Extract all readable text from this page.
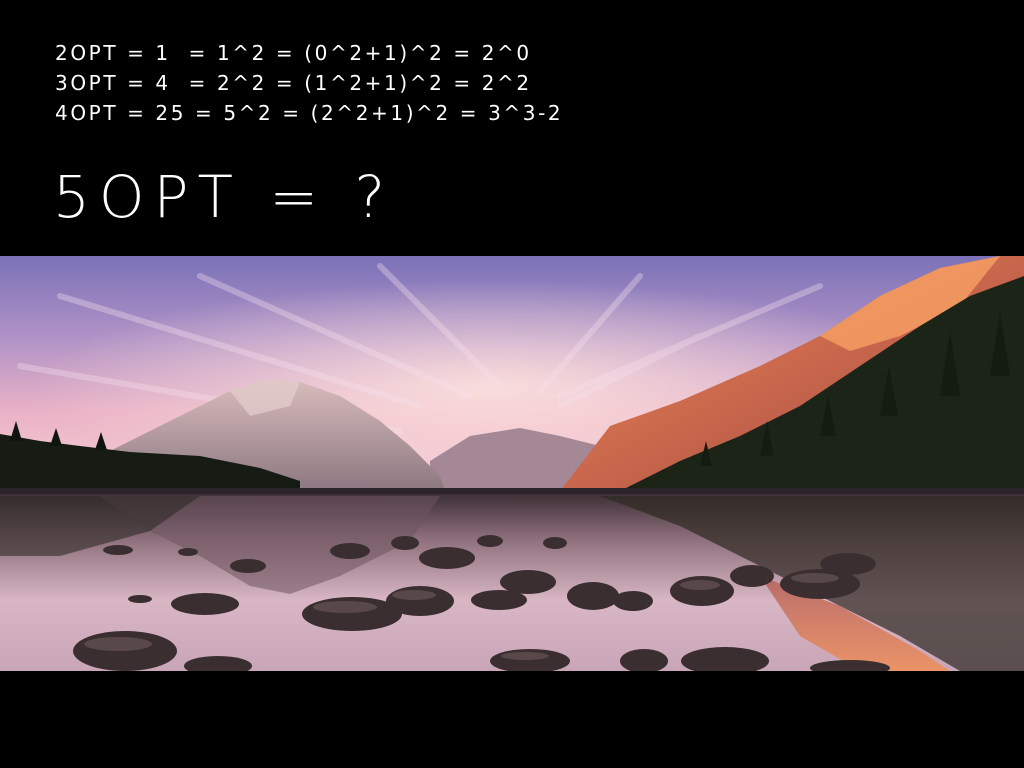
2OPT = 1  = 1^2 = (0^2+1)^2 = 2^0
3OPT = 4  = 2^2 = (1^2+1)^2 = 2^2
4OPT = 25 = 5^2 = (2^2+1)^2 = 3^3-2
5OPT = ?
